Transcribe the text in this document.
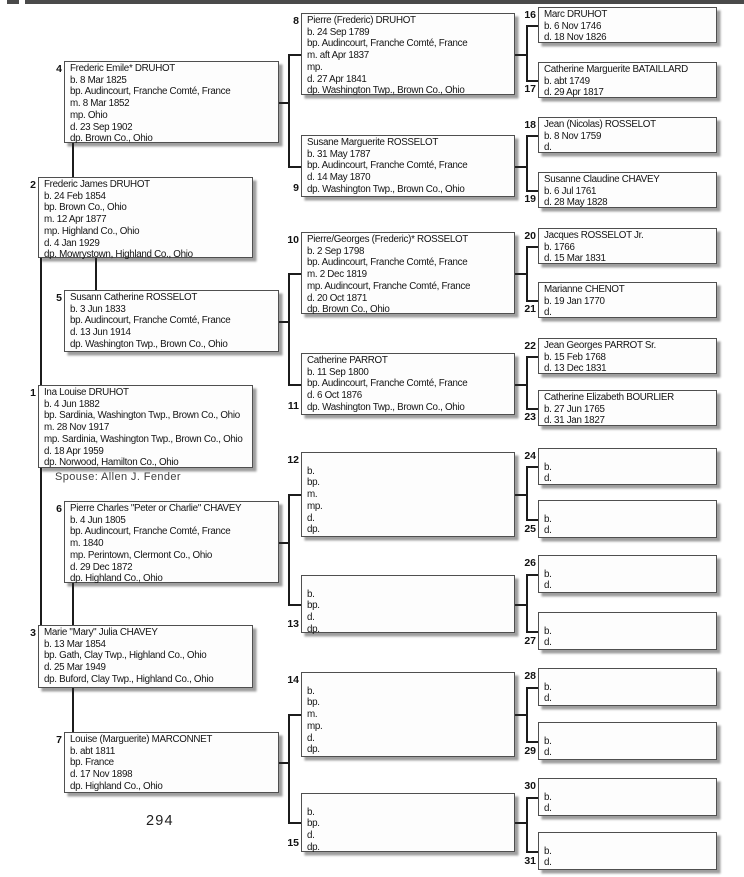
1 Ina Louise DRUHOT
b. 4 Jun 1882
bp. Sardinia, Washington Twp., Brown Co., Ohio
m. 28 Nov 1917
mp. Sardinia, Washington Twp., Brown Co., Ohio
d. 18 Apr 1959
dp. Norwood, Hamilton Co., Ohio
2 Frederic James DRUHOT
b. 24 Feb 1854
bp. Brown Co., Ohio
m. 12 Apr 1877
mp. Highland Co., Ohio
d. 4 Jan 1929
dp. Mowrystown, Highland Co., Ohio
3 Marie "Mary" Julia CHAVEY
b. 13 Mar 1854
bp. Gath, Clay Twp., Highland Co., Ohio
d. 25 Mar 1949
dp. Buford, Clay Twp., Highland Co., Ohio
4 Frederic Emile* DRUHOT
b. 8 Mar 1825
bp. Audincourt, Franche Comté, France
m. 8 Mar 1852
mp. Ohio
d. 23 Sep 1902
dp. Brown Co., Ohio
5 Susann Catherine ROSSELOT
b. 3 Jun 1833
bp. Audincourt, Franche Comté, France
d. 13 Jun 1914
dp. Washington Twp., Brown Co., Ohio
6 Pierre Charles "Peter or Charlie" CHAVEY
b. 4 Jun 1805
bp. Audincourt, Franche Comté, France
m. 1840
mp. Perintown, Clermont Co., Ohio
d. 29 Dec 1872
dp. Highland Co., Ohio
7 Louise (Marguerite) MARCONNET
b. abt 1811
bp. France
d. 17 Nov 1898
dp. Highland Co., Ohio
8 Pierre (Frederic) DRUHOT
b. 24 Sep 1789
bp. Audincourt, Franche Comté, France
m. aft Apr 1837
mp.
d. 27 Apr 1841
dp. Washington Twp., Brown Co., Ohio
9
Susane Marguerite ROSSELOT
b. 31 May 1787
bp. Audincourt, Franche Comté, France
d. 14 May 1870
dp. Washington Twp., Brown Co., Ohio
10 Pierre/Georges (Frederic)* ROSSELOT
b. 2 Sep 1798
bp. Audincourt, Franche Comté, France
m. 2 Dec 1819
mp. Audincourt, Franche Comté, France
d. 20 Oct 1871
dp. Brown Co., Ohio
11
Catherine PARROT
b. 11 Sep 1800
bp. Audincourt, Franche Comté, France
d. 6 Oct 1876
dp. Washington Twp., Brown Co., Ohio
12
b.
bp.
m.
mp.
d.
dp.
13
b.
bp.
d.
dp.
14
b.
bp.
m.
mp.
d.
dp.
15
b.
bp.
d.
dp.
16 Marc DRUHOT
b. 6 Nov 1746
d. 18 Nov 1826
17
Catherine Marguerite BATAILLARD
b. abt 1749
d. 29 Apr 1817
18 Jean (Nicolas) ROSSELOT
b. 8 Nov 1759
d.
19
Susanne Claudine CHAVEY
b. 6 Jul 1761
d. 28 May 1828
20 Jacques ROSSELOT Jr.
b. 1766
d. 15 Mar 1831
21
Marianne CHENOT
b. 19 Jan 1770
d.
22 Jean Georges PARROT Sr.
b. 15 Feb 1768
d. 13 Dec 1831
23
Catherine Elizabeth BOURLIER
b. 27 Jun 1765
d. 31 Jan 1827
24
b.
d.
25
b.
d.
26
b.
d.
27
b.
d.
28
b.
d.
29
b.
d.
30
b.
d.
31
b.
d.
Spouse: Allen J. Fender
294
